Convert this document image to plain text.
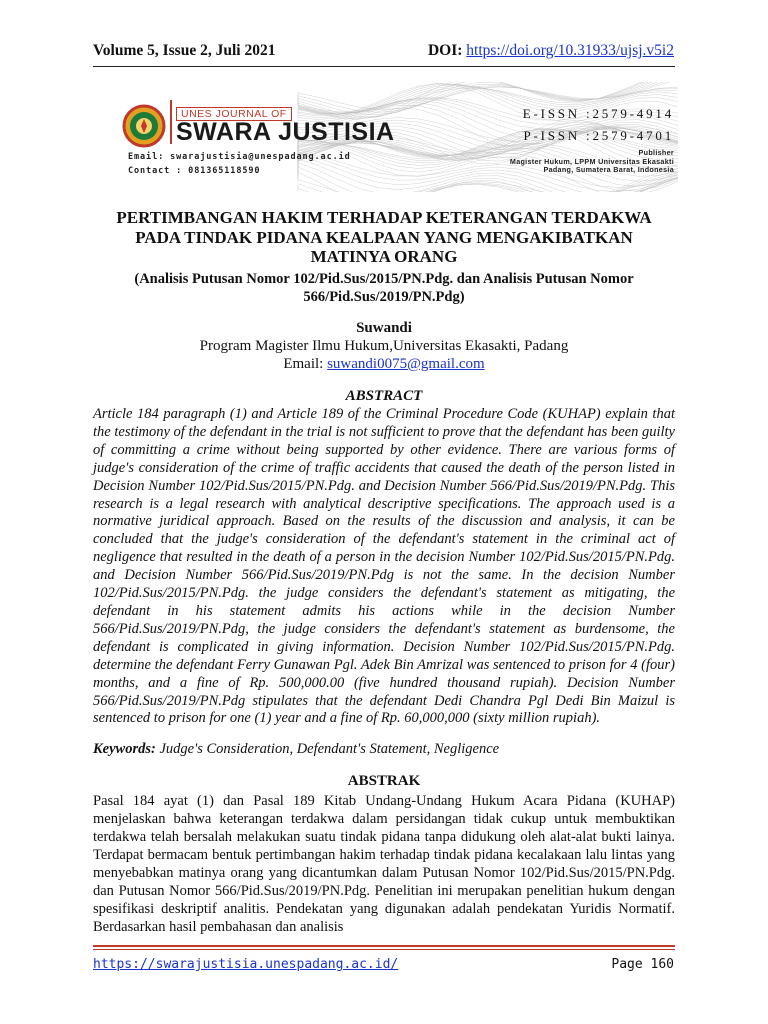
Volume 5, Issue 2, Juli 2021	DOI: https://doi.org/10.31933/ujsj.v5i2
UNES JOURNAL OF
SWARA JUSTISIA
Email: swarajustisia@unespadang.ac.id
Contact : 081365118590
E-ISSN :2579-4914
P-ISSN :2579-4701
Publisher
Magister Hukum, LPPM Universitas Ekasakti
Padang, Sumatera Barat, Indonesia
PERTIMBANGAN HAKIM TERHADAP KETERANGAN TERDAKWA PADA TINDAK PIDANA KEALPAAN YANG MENGAKIBATKAN MATINYA ORANG
(Analisis Putusan Nomor 102/Pid.Sus/2015/PN.Pdg. dan Analisis Putusan Nomor 566/Pid.Sus/2019/PN.Pdg)
Suwandi
Program Magister Ilmu Hukum,Universitas Ekasakti, Padang
Email: suwandi0075@gmail.com
ABSTRACT
Article 184 paragraph (1) and Article 189 of the Criminal Procedure Code (KUHAP) explain that the testimony of the defendant in the trial is not sufficient to prove that the defendant has been guilty of committing a crime without being supported by other evidence. There are various forms of judge's consideration of the crime of traffic accidents that caused the death of the person listed in Decision Number 102/Pid.Sus/2015/PN.Pdg. and Decision Number 566/Pid.Sus/2019/PN.Pdg. This research is a legal research with analytical descriptive specifications. The approach used is a normative juridical approach. Based on the results of the discussion and analysis, it can be concluded that the judge's consideration of the defendant's statement in the criminal act of negligence that resulted in the death of a person in the decision Number 102/Pid.Sus/2015/PN.Pdg. and Decision Number 566/Pid.Sus/2019/PN.Pdg is not the same. In the decision Number 102/Pid.Sus/2015/PN.Pdg. the judge considers the defendant's statement as mitigating, the defendant in his statement admits his actions while in the decision Number 566/Pid.Sus/2019/PN.Pdg, the judge considers the defendant's statement as burdensome, the defendant is complicated in giving information. Decision Number 102/Pid.Sus/2015/PN.Pdg. determine the defendant Ferry Gunawan Pgl. Adek Bin Amrizal was sentenced to prison for 4 (four) months, and a fine of Rp. 500,000.00 (five hundred thousand rupiah). Decision Number 566/Pid.Sus/2019/PN.Pdg stipulates that the defendant Dedi Chandra Pgl Dedi Bin Maizul is sentenced to prison for one (1) year and a fine of Rp. 60,000,000 (sixty million rupiah).
Keywords: Judge's Consideration, Defendant's Statement, Negligence
ABSTRAK
Pasal 184 ayat (1) dan Pasal 189 Kitab Undang-Undang Hukum Acara Pidana (KUHAP) menjelaskan bahwa keterangan terdakwa dalam persidangan tidak cukup untuk membuktikan terdakwa telah bersalah melakukan suatu tindak pidana tanpa didukung oleh alat-alat bukti lainya. Terdapat bermacam bentuk pertimbangan hakim terhadap tindak pidana kecalakaan lalu lintas yang menyebabkan matinya orang yang dicantumkan dalam Putusan Nomor 102/Pid.Sus/2015/PN.Pdg. dan Putusan Nomor 566/Pid.Sus/2019/PN.Pdg. Penelitian ini merupakan penelitian hukum dengan spesifikasi deskriptif analitis. Pendekatan yang digunakan adalah pendekatan Yuridis Normatif. Berdasarkan hasil pembahasan dan analisis
https://swarajustisia.unespadang.ac.id/	Page 160
